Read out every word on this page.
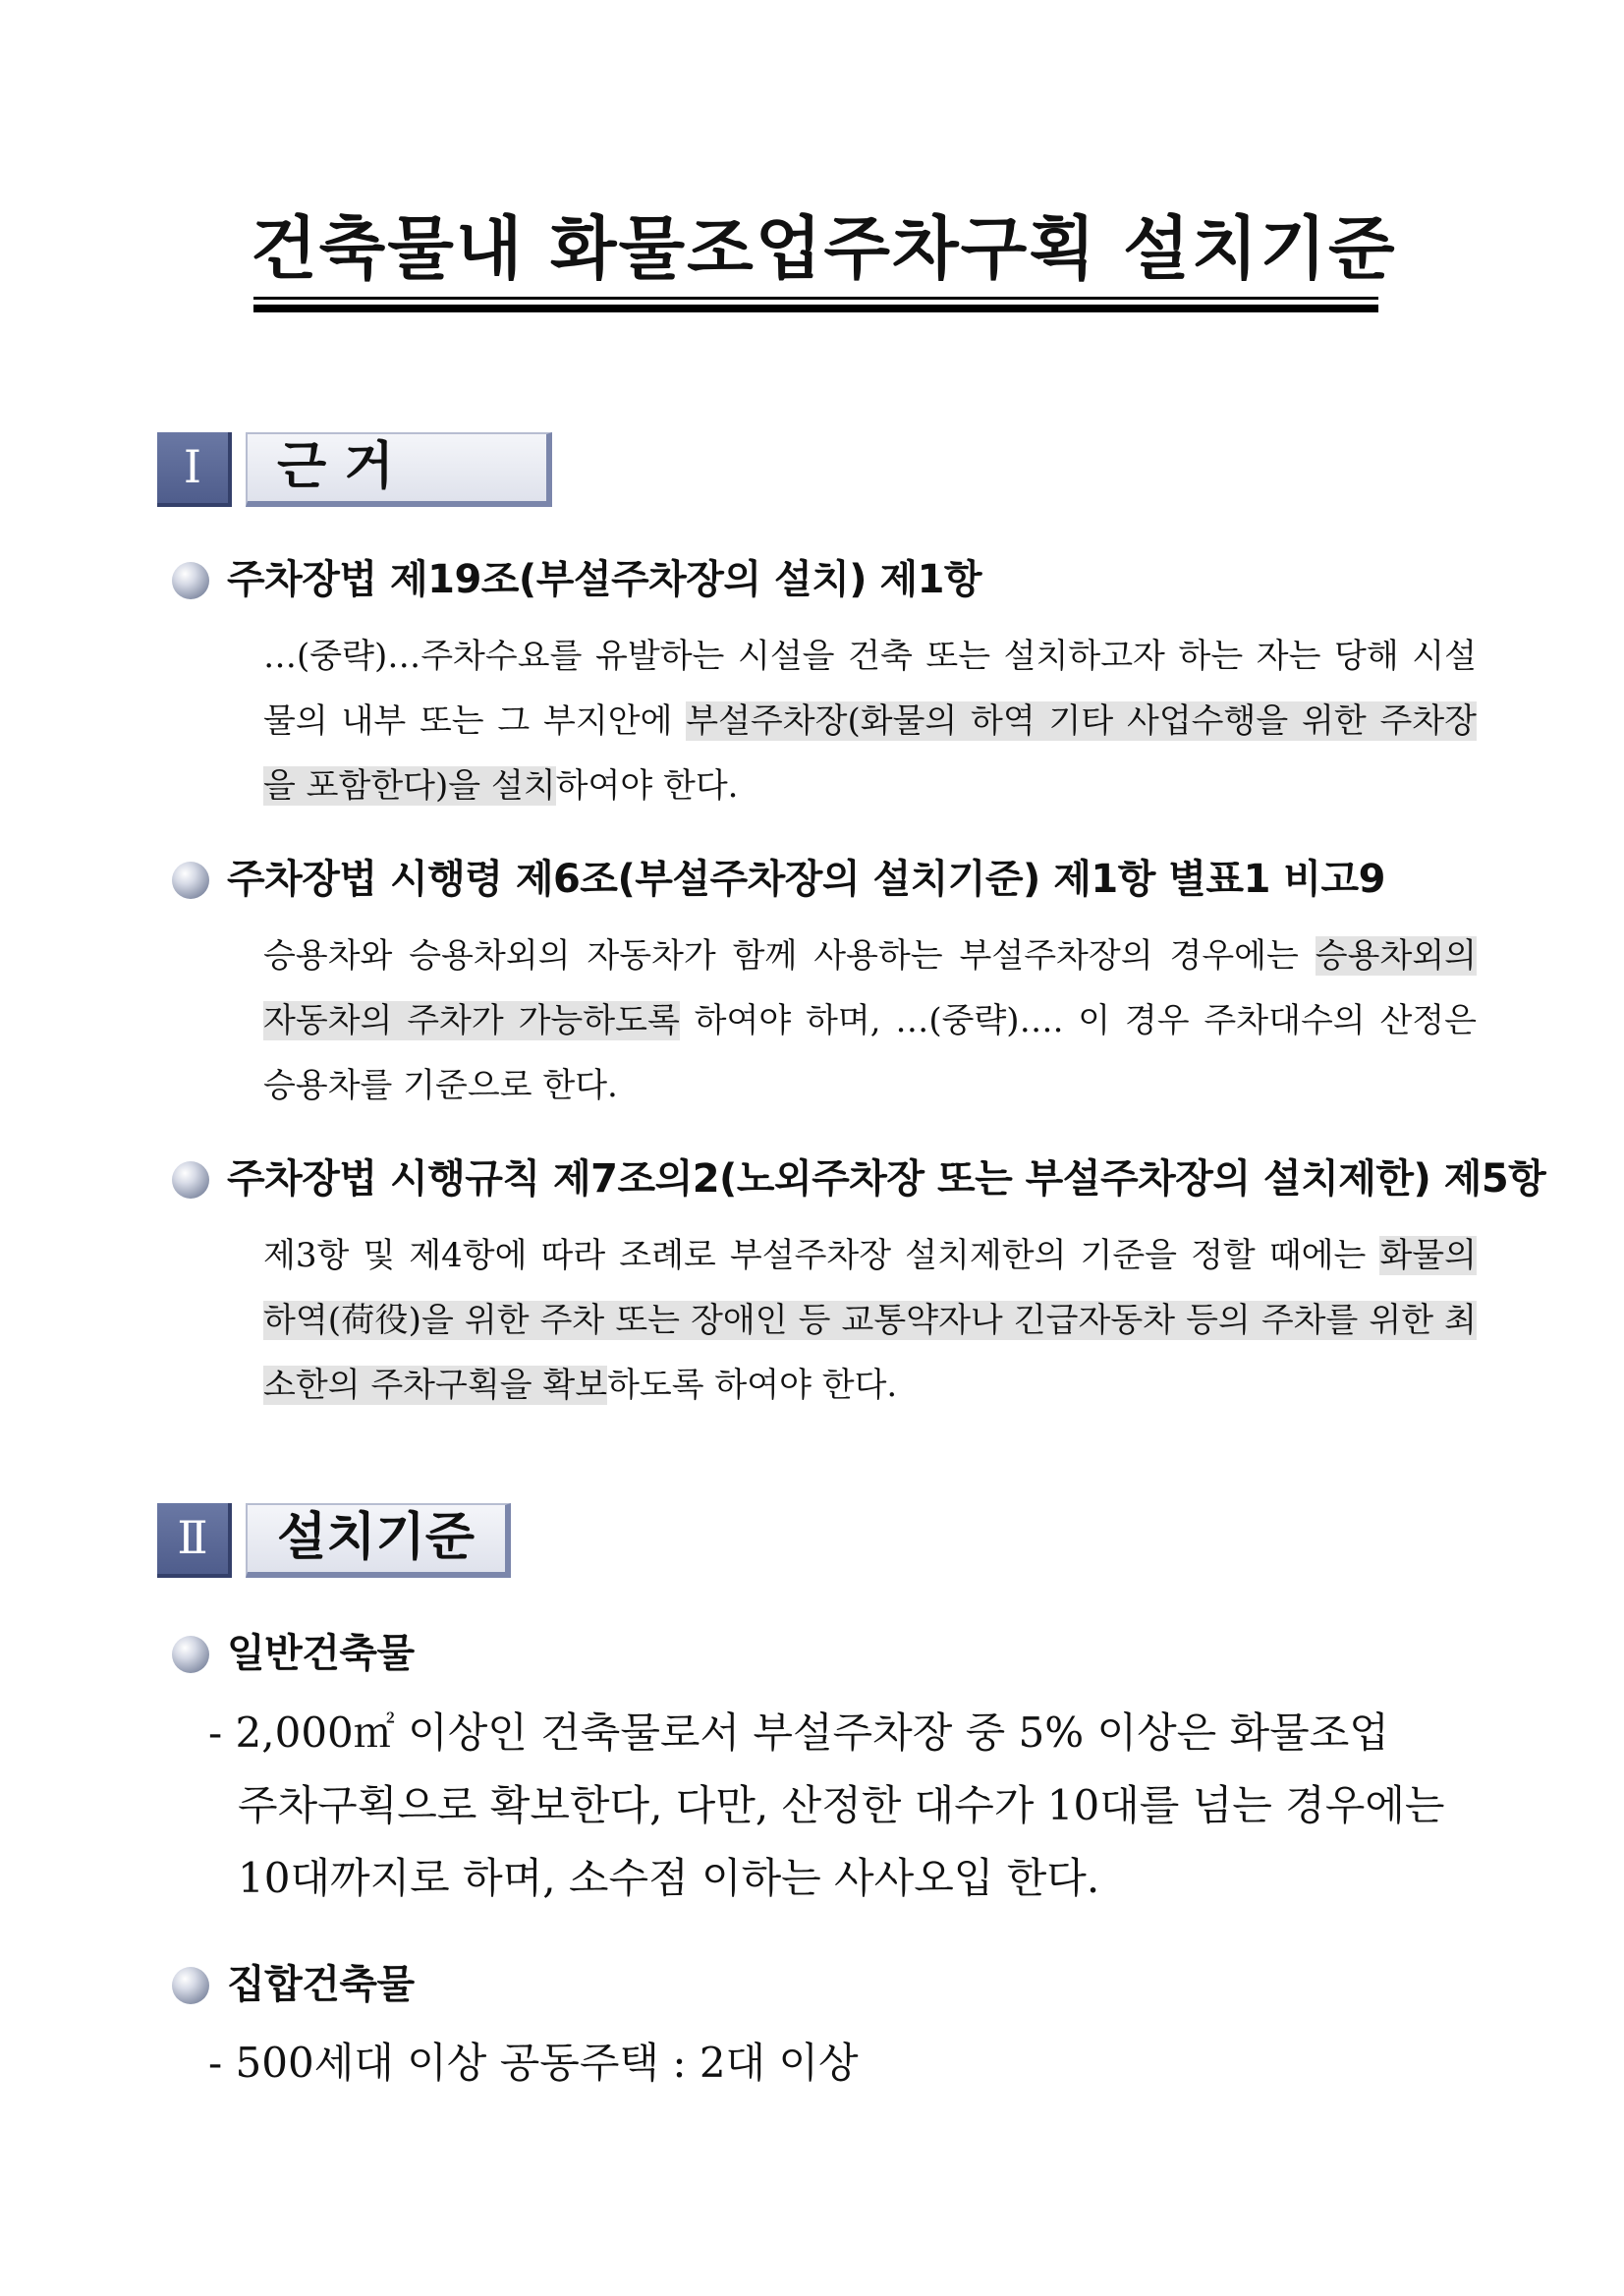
건축물내 화물조업주차구획 설치기준
Ⅰ	근 거
주차장법 제19조(부설주차장의 설치) 제1항
…(중략)…주차수요를 유발하는 시설을 건축 또는 설치하고자 하는 자는 당해 시설물의 내부 또는 그 부지안에 부설주차장(화물의 하역 기타 사업수행을 위한 주차장을 포함한다)을 설치하여야 한다.
주차장법 시행령 제6조(부설주차장의 설치기준) 제1항 별표1 비고9
승용차와 승용차외의 자동차가 함께 사용하는 부설주차장의 경우에는 승용차외의 자동차의 주차가 가능하도록 하여야 하며, …(중략)…. 이 경우 주차대수의 산정은 승용차를 기준으로 한다.
주차장법 시행규칙 제7조의2(노외주차장 또는 부설주차장의 설치제한) 제5항
제3항 및 제4항에 따라 조례로 부설주차장 설치제한의 기준을 정할 때에는 화물의 하역(荷役)을 위한 주차 또는 장애인 등 교통약자나 긴급자동차 등의 주차를 위한 최소한의 주차구획을 확보하도록 하여야 한다.
Ⅱ	설치기준
일반건축물
- 2,000㎡ 이상인 건축물로서 부설주차장 중 5% 이상은 화물조업
주차구획으로 확보한다, 다만, 산정한 대수가 10대를 넘는 경우에는
10대까지로 하며, 소수점 이하는 사사오입 한다.
집합건축물
- 500세대 이상 공동주택 : 2대 이상
